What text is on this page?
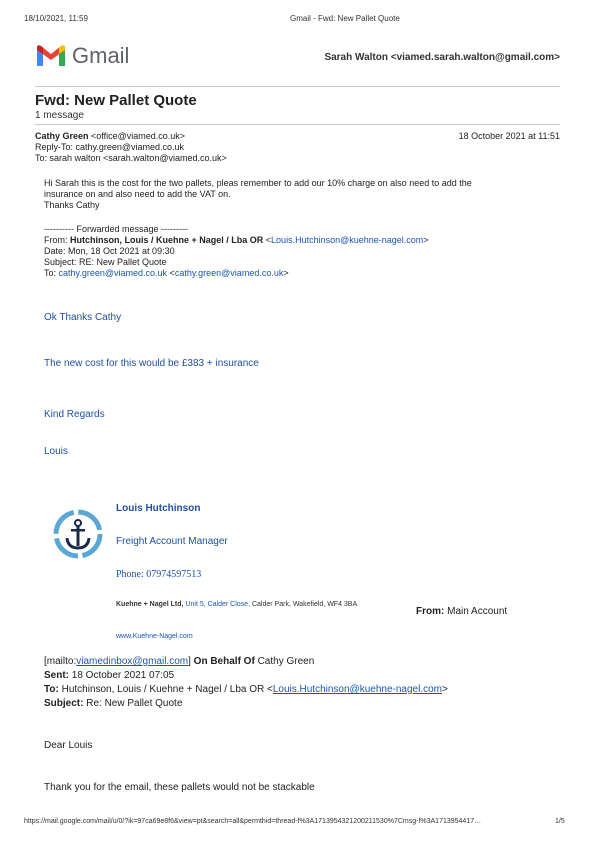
18/10/2021, 11:59	Gmail - Fwd: New Pallet Quote
Gmail	Sarah Walton <viamed.sarah.walton@gmail.com>
Fwd: New Pallet Quote
1 message
Cathy Green <office@viamed.co.uk>	18 October 2021 at 11:51
Reply-To: cathy.green@viamed.co.uk
To: sarah walton <sarah.walton@viamed.co.uk>
Hi Sarah this is the cost for the two pallets, pleas remember to add our 10% charge on also need to add the
insurance on and also need to add the VAT on.
Thanks Cathy
---------- Forwarded message ---------
From: Hutchinson, Louis / Kuehne + Nagel / Lba OR <Louis.Hutchinson@kuehne-nagel.com>
Date: Mon, 18 Oct 2021 at 09:30
Subject: RE: New Pallet Quote
To: cathy.green@viamed.co.uk <cathy.green@viamed.co.uk>
Ok Thanks Cathy
The new cost for this would be £383 + insurance
Kind Regards
Louis
Louis Hutchinson
Freight Account Manager
Phone: 07974597513
Kuehne + Nagel Ltd, Unit 5, Calder Close, Calder Park, Wakefield, WF4 3BA
From: Main Account
www.Kuehne-Nagel.com
[mailto:viamedinbox@gmail.com] On Behalf Of Cathy Green
Sent: 18 October 2021 07:05
To: Hutchinson, Louis / Kuehne + Nagel / Lba OR <Louis.Hutchinson@kuehne-nagel.com>
Subject: Re: New Pallet Quote
Dear Louis
Thank you for the email, these pallets would not be stackable
https://mail.google.com/mail/u/0/?ik=97ca69e8f6&view=pt&search=all&permthid=thread-f%3A1713954321200211530%7Cmsg-f%3A1713954417…	1/5
